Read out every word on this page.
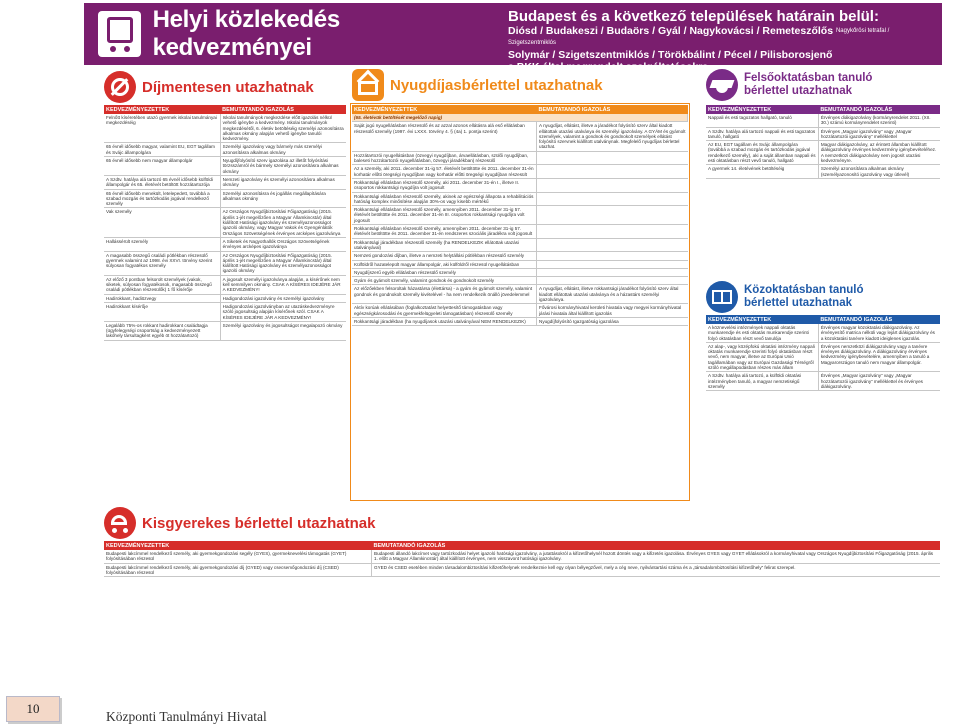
Helyi közlekedés kedvezményei
Budapest és a következő települések határain belül:
Diósd / Budakeszi / Budaörs / Gyál / Nagykovácsi / Remeteszőlős $^{Nagykőrösi tetrafal / Szigetszentmiklós}$
Solymár / Szigetszentmiklós / Törökbálint / Pécel / Pilisborosjenő
a BKK által megrendelt szolgáltatásokra
Díjmentesen utazhatnak
KEDVEZMÉNYEZETTEK	BEMUTATANDÓ IGAZOLÁS
Felnőtt kíséretében utazó gyermek iskolai tanulmányai megkezdéséig	Iskolai tanulmányok megkezdése előtt igazolás nélkül vehető igénybe a kedvezmény. Iskolai tanulmányok megkezdésétől, 6. életév betöltéséig személyi azonosításra alkalmas okmány alapján vehető igénybe tanulói kedvezmény.
65 évnél idősebb magyar, valamint EU, EGT tagállam és Svájc állampolgára	Személyi igazolvány vagy bármely más személyi azonosításra alkalmas okmány
65 évnél idősebb nem magyar állampolgár	Nyugdíjfolyósító szerv igazolása az illetőt folyósítási törzsszámról és bármely személyi azonosításra alkalmas okmány
A Szdtv. hatálya alá tartozó 65 évnél idősebb külföldi állampolgár és 65. életévét betöltött hozzátartozója	Nemzeti igazolvány és személyi azonosításra alkalmas okmány
65 évnél idősebb menekült, letelepedett, továbbá a szabad mozgás és tartózkodás jogával rendelkező személy	Személyi azonosításra és jogállás megállapítására alkalmas okmány
Vak személy	Az Országos Nyugdíjbiztosítási Főigazgatóság (2015. április 1-jét megelőzően a Magyar Államkincstár) által kiállított Hatósági igazolvány és személyazonosságot igazoló okmány, vagy Magyar Vakok és Gyengénlátók Országos Szövetségének érvényes arcképes igazolványa
Hallássérült személy	A Siketek és Nagyothallók Országos Szövetségének érvényes arcképes igazolványa
A magasabb összegű családi pótlékban részesülő gyermek valamint az 1998. évi XXVI. törvény szerint súlyosan fogyatékos személy	Az Országos Nyugdíjbiztosítási Főigazgatóság (2015. április 1-jét megelőzően a Magyar Államkincstár) által kiállított Hatósági igazolvány és személyazonosságot igazoló okmány
Az előző 3 pontban felsorolt személyek (vakok, siketek, súlyosan fogyatékosok, magasabb összegű családi pótlékban részesülők) 1 fő kísérője	A jogosult személyi igazolványa alapján, a kísérőnek nem kell semmilyen okmány. CSAK A KÍSÉRES IDEJÉRE JÁR A KEDVEZMÉNY!
Hadirokkant, hadiözvegy	Hadigondozási igazolvány és személyi igazolvány
Hadirokkant kísérője	Hadigondozási igazolványban az utazáskedvezményre szóló jogosultság alapján kísérőnek szól. CSAK A KÍSÉRES IDEJÉRE JÁR A KEDVEZMÉNY!
Legalább 75%-os rokkant hadirokkant családtagja (ügyfelegységi csoportság a kedvezményezett lakóhely társultagként egyéb öt hozzátartozó)	Személyi igazolvány és jogosultságot megalapozó okmány
Nyugdíjasbérlettel utazhatnak
KEDVEZMÉNYEZETTEK	BEMUTATANDÓ IGAZOLÁS
(65. életévük betöltését megelőző napig)	
Saját jogú nyugellátásban részesülő és az azzal azonos ellátásra alá eső ellátásban részesülő személy (1997. évi LXXX. törvény 4. § (4a) 1. pontja szerint)	A nyugdíjat, ellátást, illetve a járadékot folyósító szerv által kiadott ellátottak utazási utalványa és személyi igazolvány. A GYÁM és gyámolt személyek, valamint a gondnok és gondnokolt személyek ellátást folyósító szervnek kiállított utalványnak. Megfelelő nyugdíjas bérlettel utazhat.
Hozzátartozói nyugellátásban (özvegyi nyugdíjban, árvaellátásban, szülői nyugdíjban, baleseti hozzátartozói nyugellátásban, özvegyi járadékban) részesülő	
Az a személy, aki 2011. december 31-ig 57. életévét betöltötte és 2011. december 31-én korhatár előtti öregségi nyugdíjban vagy korhatár előtti öregségi nyugdíjban részesült	
Rokkantsági ellátásban részesülő személy, aki 2011. december 31-én I., illetve II. csoportos rokkantsági nyugdíjra volt jogosult	
Rokkantsági ellátásban részesülő személy, akinek az egészségi állapota a rehabilitációs hatóság komplex minősítése alapján 30%-os vagy kisebb mértékű	
Rokkantsági ellátásban részesülő személy, amennyiben 2011. december 31-ig 57. életévét betöltötte és 2011. december 31-én III. csoportos rokkantsági nyugdíjra volt jogosult	
Rokkantsági ellátásban részesülő személy, amennyiben 2011. december 31-ig 57. életévét betöltötte és 2011. december 31-én rendszeres szociális járadékra volt jogosult	
Rokkantsági járadékban részesülő személy (ha RENDELKEZIK ellátottak utazási utalványával)	
Nemzeti gondozási díjban, illetve a nemzeti helytállási pótlékban részesülő személy	
Külföldről hazatelepült magyar állampolgár, aki külföldről részesül nyugellátásban	
Nyugdíjszerű egyéb ellátásban részesülő személy	
Gyám és gyámolt személy, valamint gondnok és gondnokolt személy	
Az előzőekben felsoroltak házastársa (élettársa) - a gyám és gyámolt személy, valamint gondnok és gondnokolt személy kivételével - ha nem rendelkezik önálló jövedelemmel	A nyugdíjat, ellátást, illetve rokkantsági járadékot folyósító szerv által kiadott ellátottak utazási utalványa és a házastárs személyi igazolványa.
Aktív korúak ellátásában (foglalkoztatást helyettesítő támogatásban vagy egészségkárosodási és gyermekfelügyeleti támogatásban) részesülő személy	Fővárosi kormányhivatal kerületi hivatala vagy megyei kormányhivatal járási hivatala által kiállított igazolás
Rokkantsági járadékban (ha nyugdíjasok utazási utalványával NEM RENDELKEZIK)	Nyugdíjfolyósító Igazgatóság igazolása
Felsőoktatásban tanuló
bérlettel utazhatnak
KEDVEZMÉNYEZETTEK	BEMUTATANDÓ IGAZOLÁS
Nappali és esti tagozatos hallgató, tanuló	Érvényes diákigazolvány (kormányrendelet 2011. (XII. 30.) számú kormányrendelet szerinti)
A Szdtv. hatálya alá tartozó nappali és esti tagozatos tanuló, hallgató	Érvényes „Magyar igazolvány” vagy „Magyar hozzátartozói igazolvány” melléklettel
Az EU, EGT tagállam és Svájc állampolgára (továbbá a szabad mozgás és tartózkodás jogával rendelkező személy), aki a saját államban nappali és esti oktatásban részt vevő tanuló, hallgató	Magyar diákigazolvány, az érintett államban kiállított diákigazolvány érvényes kedvezmény igénybevételéhez. A nemzetközi diákigazolvány nem jogosít utazási kedvezményre.
A gyermek 14. életévének betöltéséig	Személyi azonosításra alkalmas okmány (személyazonosító igazolvány vagy útlevél)
Közoktatásban tanuló
bérlettel utazhatnak
KEDVEZMÉNYEZETTEK	BEMUTATANDÓ IGAZOLÁS
A köznevelési intézmények nappali oktatás munkarendje és esti oktatás munkarendje szerinti folyó oktatásban részt vevő tanulója	Érvényes magyar közoktatási diákigazolvány. Az érvényesítő matrica nélküli vagy lejárt diákigazolvány és a közoktatási tanévre kiadott ideiglenes igazolás.
Az alap-, vagy középfokú oktatási intézmény nappali oktatás munkarendje szerinti folyó oktatásban részt vevő, nem magyar, illetve az Európai Unió tagállamában vagy az Európai Gazdasági Térségről szóló megállapodásban részes más állam	Érvényes nemzetközi diákigazolvány vagy a tanévre érvényes diákigazolvány. A diákigazolvány érvényes kedvezmény igénybevételére, amennyiben a tanuló a Magyarországon tanuló nem magyar állampolgár.
A Szdtv. hatálya alá tartozó, a külföldi oktatási intézményben tanuló, a magyar nemzetiségű személy	Érvényes „Magyar igazolvány” vagy „Magyar hozzátartozói igazolvány” melléklettel és érvényes diákigazolvány.
Kisgyerekes bérlettel utazhatnak
KEDVEZMÉNYEZETTEK	BEMUTATANDÓ IGAZOLÁS
Budapesti lakcímmel rendelkező személy, aki gyermekgondozási segély (GYES), gyermeknevelési támogatás (GYET) folyósításában részesül	Budapesti állandó lakcímet vagy tartózkodási helyet igazoló hatósági igazolvány, a jutattásokról a kifizetőhelynél hozott döntés vagy a kifizetés igazolása. Érvényes GYES vagy GYET ellátásokról a kormányhivatal vagy Országos Nyugdíjbiztosítási Főigazgatóság (2015. április 1. előtt a Magyar Államkincstár) által kiállított érvényes, nem visszavont hatósági igazolvány.
Budapesti lakcímmel rendelkező személy, aki gyermekgondozási díj (GYED) vagy csecsemőgondozási díj (CSED) folyósításában részesül	GYED és CSED esetében minden társadalombiztosítási kifizetőhelynek rendelkeznie kell egy olyan bélyegzővel, mely a cég neve, nyilvántartási száma és a „társadalombiztosítási kifizetőhely” felirat szerepel.
10
Központi Tanulmányi Hivatal
